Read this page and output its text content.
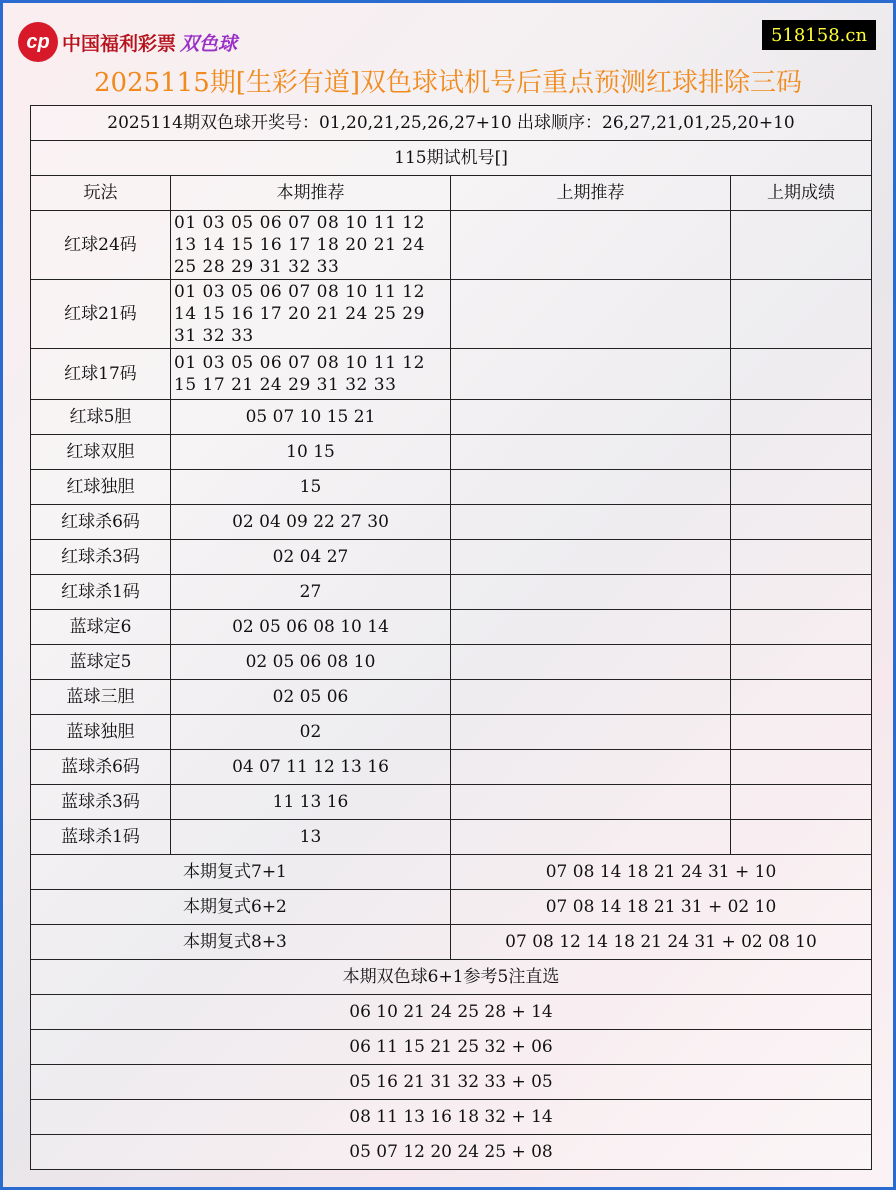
cp 中国福利彩票 双色球	518158.cn
2025115期[生彩有道]双色球试机号后重点预测红球排除三码
2025114期双色球开奖号：01,20,21,25,26,27+10 出球顺序：26,27,21,01,25,20+10			
115期试机号[]			
玩法	本期推荐	上期推荐	上期成绩
红球24码	01 03 05 06 07 08 10 11 12 13 14 15 16 17 18 20 21 24 25 28 29 31 32 33		
红球21码	01 03 05 06 07 08 10 11 12 14 15 16 17 20 21 24 25 29 31 32 33		
红球17码	01 03 05 06 07 08 10 11 12 15 17 21 24 29 31 32 33		
红球5胆	05 07 10 15 21		
红球双胆	10 15		
红球独胆	15		
红球杀6码	02 04 09 22 27 30		
红球杀3码	02 04 27		
红球杀1码	27		
蓝球定6	02 05 06 08 10 14		
蓝球定5	02 05 06 08 10		
蓝球三胆	02 05 06		
蓝球独胆	02		
蓝球杀6码	04 07 11 12 13 16		
蓝球杀3码	11 13 16		
蓝球杀1码	13		
本期复式7+1		07 08 14 18 21 24 31 + 10	
本期复式6+2		07 08 14 18 21 31 + 02 10	
本期复式8+3		07 08 12 14 18 21 24 31 + 02 08 10	
本期双色球6+1参考5注直选			
06 10 21 24 25 28 + 14			
06 11 15 21 25 32 + 06			
05 16 21 31 32 33 + 05			
08 11 13 16 18 32 + 14			
05 07 12 20 24 25 + 08			
